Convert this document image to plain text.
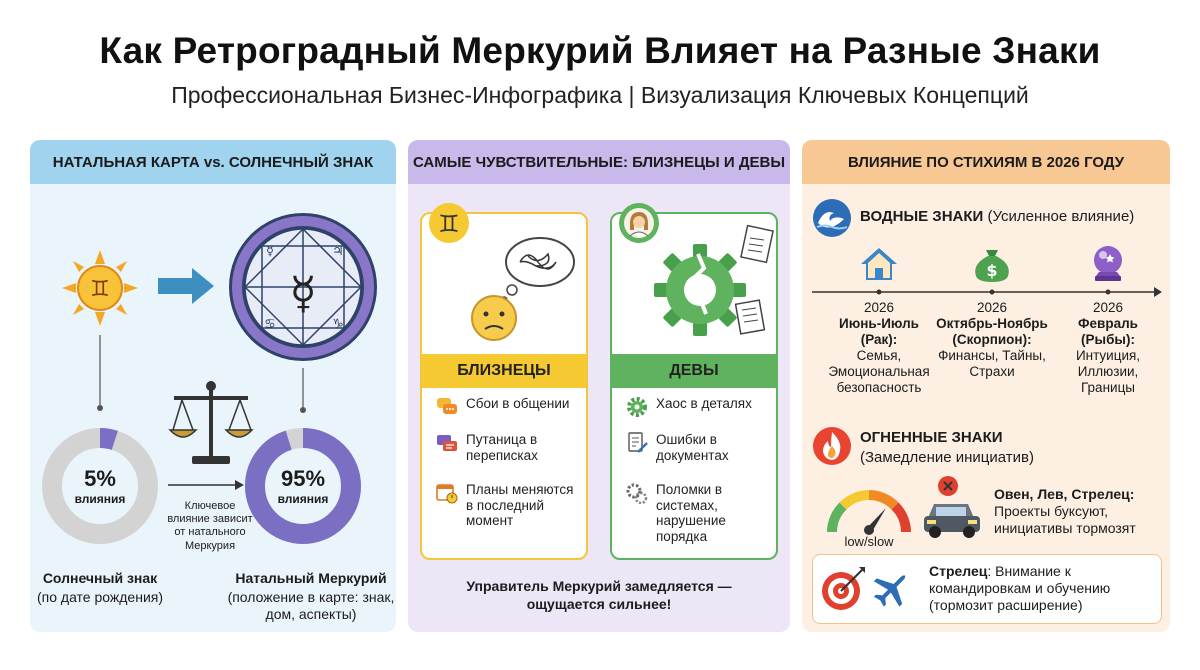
Как Ретроградный Меркурий Влияет на Разные Знаки
Профессиональная Бизнес-Инфографика | Визуализация Ключевых Концепций
НАТАЛЬНАЯ КАРТА vs. СОЛНЕЧНЫЙ ЗНАК
♊	☿
☿	♃
♋	♑
5%
влияния
95%
влияния
Ключевое влияние зависит от натального Меркурия
Солнечный знак
(по дате рождения)
Натальный Меркурий
(положение в карте: знак, дом, аспекты)
САМЫЕ ЧУВСТВИТЕЛЬНЫЕ: БЛИЗНЕЦЫ И ДЕВЫ
♊
БЛИЗНЕЦЫ
Сбои в общении
Путаница в переписках
Планы меняются в последний момент
ДЕВЫ
Хаос в деталях
Ошибки в документах
Поломки в системах, нарушение порядка
Управитель Меркурий замедляется — ощущается сильнее!
ВЛИЯНИЕ ПО СТИХИЯМ В 2026 ГОДУ
ВОДНЫЕ ЗНАКИ (Усиленное влияние)
$
2026
Июнь-Июль (Рак):
Семья, Эмоциональная безопасность
2026
Октябрь-Ноябрь (Скорпион):
Финансы, Тайны, Страхи
2026
Февраль (Рыбы):
Интуиция, Иллюзии, Границы
ОГНЕННЫЕ ЗНАКИ
(Замедление инициатив)
low/slow
Овен, Лев, Стрелец:
Проекты буксуют, инициативы тормозят
Стрелец: Внимание к командировкам и обучению (тормозит расширение)
